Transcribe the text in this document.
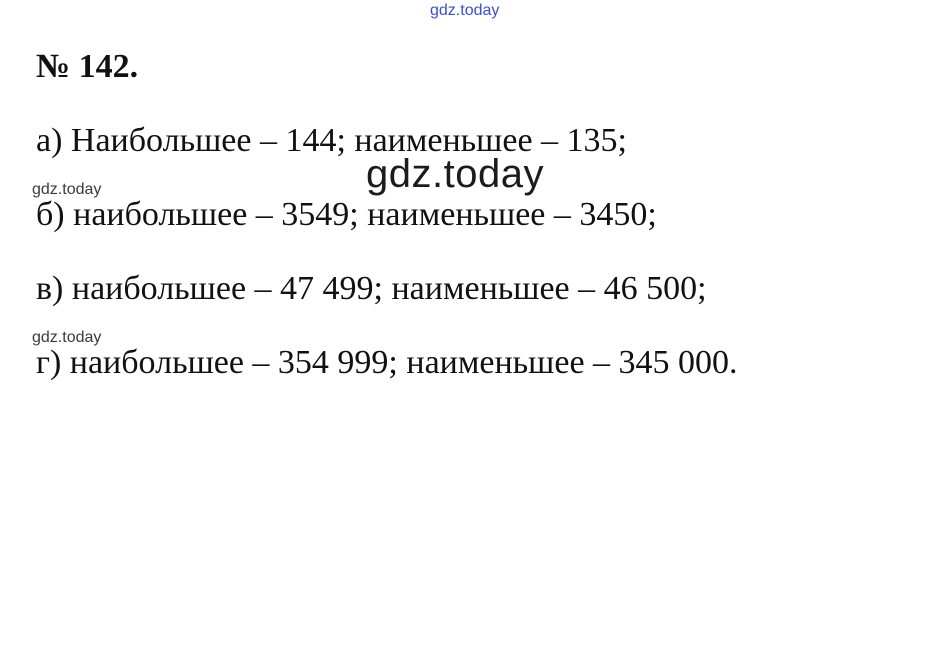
gdz.today
№ 142.
а) Наибольшее – 144; наименьшее – 135;
gdz.today	gdz.today
б) наибольшее – 3549; наименьшее – 3450;
в) наибольшее – 47 499; наименьшее – 46 500;
gdz.today
г) наибольшее – 354 999; наименьшее – 345 000.
